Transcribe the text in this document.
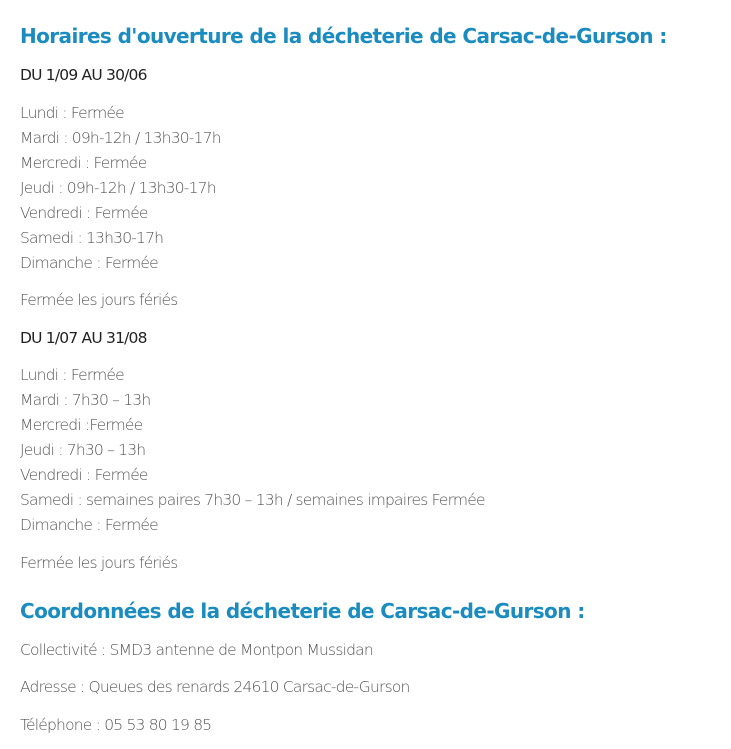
Horaires d'ouverture de la décheterie de Carsac-de-Gurson :
DU 1/09 AU 30/06
Lundi : Fermée
Mardi : 09h-12h / 13h30-17h
Mercredi : Fermée
Jeudi : 09h-12h / 13h30-17h
Vendredi : Fermée
Samedi : 13h30-17h
Dimanche : Fermée
Fermée les jours fériés
DU 1/07 AU 31/08
Lundi : Fermée
Mardi : 7h30 – 13h
Mercredi :Fermée
Jeudi : 7h30 – 13h
Vendredi : Fermée
Samedi : semaines paires 7h30 – 13h / semaines impaires Fermée
Dimanche : Fermée
Fermée les jours fériés
Coordonnées de la décheterie de Carsac-de-Gurson :
Collectivité : SMD3 antenne de Montpon Mussidan
Adresse : Queues des renards 24610 Carsac-de-Gurson
Téléphone : 05 53 80 19 85
